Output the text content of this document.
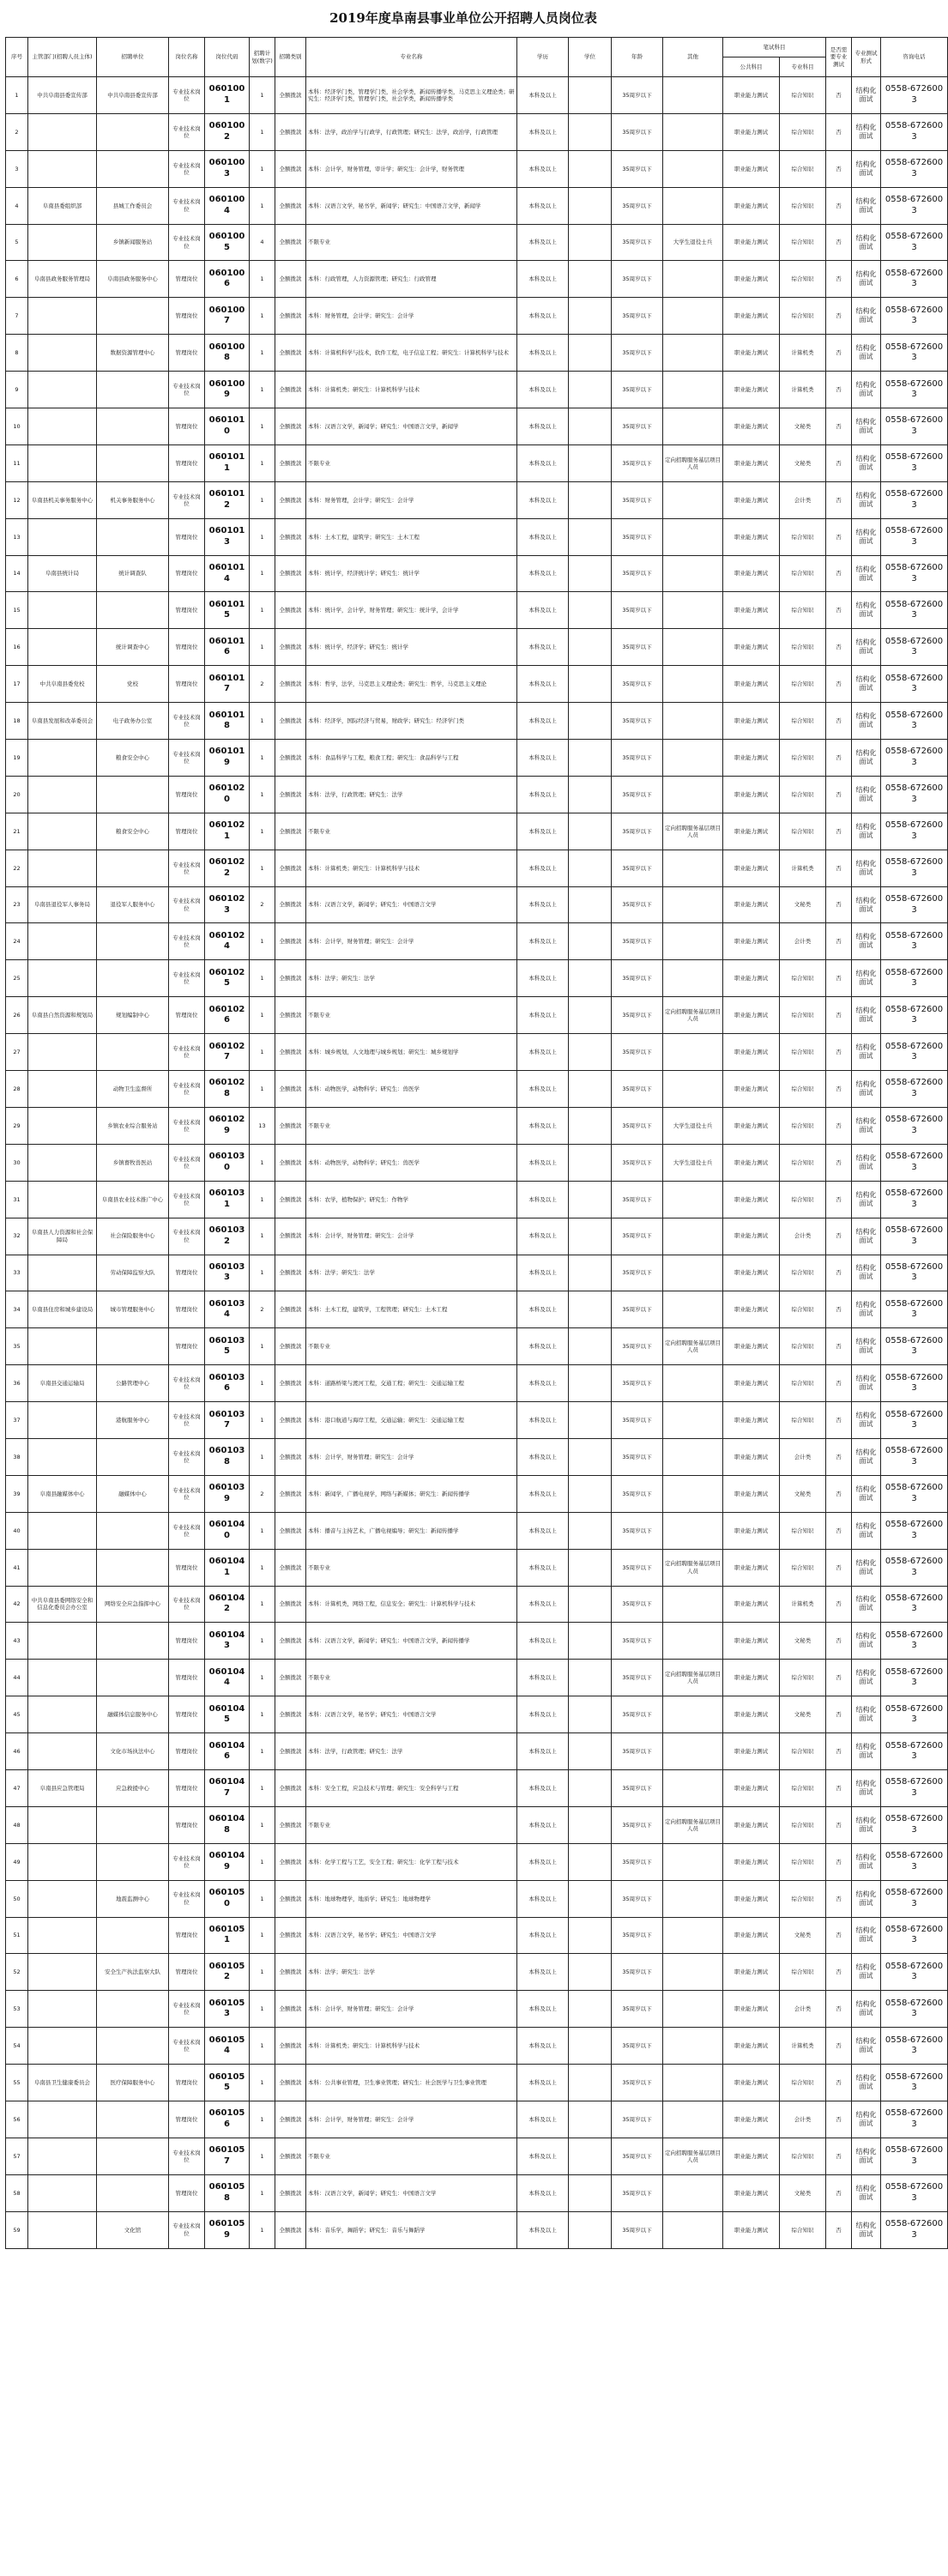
2019年度阜南县事业单位公开招聘人员岗位表
序号	主管部门(招聘人员主体)	招聘单位	岗位名称	岗位代码	招聘计划(数字)	招聘类别	专业名称	学历	学位	年龄	其他	笔试科目		是否需要专业测试	专业测试形式	咨询电话
												公共科目	专业科目			
1	中共阜南县委宣传部	中共阜南县委宣传部	专业技术岗位	0601001	1	全额拨款	本科：经济学门类，管理学门类，社会学类，新闻传播学类，马克思主义理论类；研究生：经济学门类，管理学门类，社会学类，新闻传播学类	本科及以上		35周岁以下		职业能力测试	综合知识	否	结构化面试	0558-6726003
2			专业技术岗位	0601002	1	全额拨款	本科：法学，政治学与行政学，行政管理；研究生：法学，政治学，行政管理	本科及以上		35周岁以下		职业能力测试	综合知识	否	结构化面试	0558-6726003
3			专业技术岗位	0601003	1	全额拨款	本科：会计学，财务管理，审计学；研究生：会计学，财务管理	本科及以上		35周岁以下		职业能力测试	综合知识	否	结构化面试	0558-6726003
4	阜南县委组织部	县城工作委员会	专业技术岗位	0601004	1	全额拨款	本科：汉语言文学，秘书学，新闻学；研究生：中国语言文学，新闻学	本科及以上		35周岁以下		职业能力测试	综合知识	否	结构化面试	0558-6726003
5		乡镇新闻服务站	专业技术岗位	0601005	4	全额拨款	不限专业	本科及以上		35周岁以下	大学生退役士兵	职业能力测试	综合知识	否	结构化面试	0558-6726003
6	阜南县政务服务管理局	阜南县政务服务中心	管理岗位	0601006	1	全额拨款	本科：行政管理，人力资源管理；研究生：行政管理	本科及以上		35周岁以下		职业能力测试	综合知识	否	结构化面试	0558-6726003
7			管理岗位	0601007	1	全额拨款	本科：财务管理，会计学；研究生：会计学	本科及以上		35周岁以下		职业能力测试	综合知识	否	结构化面试	0558-6726003
8		数据资源管理中心	管理岗位	0601008	1	全额拨款	本科：计算机科学与技术，软件工程，电子信息工程；研究生：计算机科学与技术	本科及以上		35周岁以下		职业能力测试	计算机类	否	结构化面试	0558-6726003
9			专业技术岗位	0601009	1	全额拨款	本科：计算机类；研究生：计算机科学与技术	本科及以上		35周岁以下		职业能力测试	计算机类	否	结构化面试	0558-6726003
10			管理岗位	0601010	1	全额拨款	本科：汉语言文学，新闻学；研究生：中国语言文学，新闻学	本科及以上		35周岁以下		职业能力测试	文秘类	否	结构化面试	0558-6726003
11			管理岗位	0601011	1	全额拨款	不限专业	本科及以上		35周岁以下	定向招聘服务基层项目人员	职业能力测试	文秘类	否	结构化面试	0558-6726003
12	阜南县机关事务服务中心	机关事务服务中心	专业技术岗位	0601012	1	全额拨款	本科：财务管理，会计学；研究生：会计学	本科及以上		35周岁以下		职业能力测试	会计类	否	结构化面试	0558-6726003
13			管理岗位	0601013	1	全额拨款	本科：土木工程，建筑学；研究生：土木工程	本科及以上		35周岁以下		职业能力测试	综合知识	否	结构化面试	0558-6726003
14	阜南县统计局	统计调查队	管理岗位	0601014	1	全额拨款	本科：统计学，经济统计学；研究生：统计学	本科及以上		35周岁以下		职业能力测试	综合知识	否	结构化面试	0558-6726003
15			管理岗位	0601015	1	全额拨款	本科：统计学，会计学，财务管理；研究生：统计学，会计学	本科及以上		35周岁以下		职业能力测试	综合知识	否	结构化面试	0558-6726003
16		统计调查中心	管理岗位	0601016	1	全额拨款	本科：统计学，经济学；研究生：统计学	本科及以上		35周岁以下		职业能力测试	综合知识	否	结构化面试	0558-6726003
17	中共阜南县委党校	党校	管理岗位	0601017	2	全额拨款	本科：哲学，法学，马克思主义理论类；研究生：哲学，马克思主义理论	本科及以上		35周岁以下		职业能力测试	综合知识	否	结构化面试	0558-6726003
18	阜南县发展和改革委员会	电子政务办公室	专业技术岗位	0601018	1	全额拨款	本科：经济学，国际经济与贸易，财政学；研究生：经济学门类	本科及以上		35周岁以下		职业能力测试	综合知识	否	结构化面试	0558-6726003
19		粮食安全中心	专业技术岗位	0601019	1	全额拨款	本科：食品科学与工程，粮食工程；研究生：食品科学与工程	本科及以上		35周岁以下		职业能力测试	综合知识	否	结构化面试	0558-6726003
20			管理岗位	0601020	1	全额拨款	本科：法学，行政管理；研究生：法学	本科及以上		35周岁以下		职业能力测试	综合知识	否	结构化面试	0558-6726003
21		粮食安全中心	管理岗位	0601021	1	全额拨款	不限专业	本科及以上		35周岁以下	定向招聘服务基层项目人员	职业能力测试	综合知识	否	结构化面试	0558-6726003
22			专业技术岗位	0601022	1	全额拨款	本科：计算机类；研究生：计算机科学与技术	本科及以上		35周岁以下		职业能力测试	计算机类	否	结构化面试	0558-6726003
23	阜南县退役军人事务局	退役军人服务中心	专业技术岗位	0601023	2	全额拨款	本科：汉语言文学，新闻学；研究生：中国语言文学	本科及以上		35周岁以下		职业能力测试	文秘类	否	结构化面试	0558-6726003
24			专业技术岗位	0601024	1	全额拨款	本科：会计学，财务管理；研究生：会计学	本科及以上		35周岁以下		职业能力测试	会计类	否	结构化面试	0558-6726003
25			专业技术岗位	0601025	1	全额拨款	本科：法学；研究生：法学	本科及以上		35周岁以下		职业能力测试	综合知识	否	结构化面试	0558-6726003
26	阜南县自然资源和规划局	规划编制中心	管理岗位	0601026	1	全额拨款	不限专业	本科及以上		35周岁以下	定向招聘服务基层项目人员	职业能力测试	综合知识	否	结构化面试	0558-6726003
27			专业技术岗位	0601027	1	全额拨款	本科：城乡规划，人文地理与城乡规划；研究生：城乡规划学	本科及以上		35周岁以下		职业能力测试	综合知识	否	结构化面试	0558-6726003
28		动物卫生监督所	专业技术岗位	0601028	1	全额拨款	本科：动物医学，动物科学；研究生：兽医学	本科及以上		35周岁以下		职业能力测试	综合知识	否	结构化面试	0558-6726003
29		乡镇农业综合服务站	专业技术岗位	0601029	13	全额拨款	不限专业	本科及以上		35周岁以下	大学生退役士兵	职业能力测试	综合知识	否	结构化面试	0558-6726003
30		乡镇畜牧兽医站	专业技术岗位	0601030	1	全额拨款	本科：动物医学，动物科学；研究生：兽医学	本科及以上		35周岁以下	大学生退役士兵	职业能力测试	综合知识	否	结构化面试	0558-6726003
31		阜南县农业技术推广中心	专业技术岗位	0601031	1	全额拨款	本科：农学，植物保护；研究生：作物学	本科及以上		35周岁以下		职业能力测试	综合知识	否	结构化面试	0558-6726003
32	阜南县人力资源和社会保障局	社会保险服务中心	专业技术岗位	0601032	1	全额拨款	本科：会计学，财务管理；研究生：会计学	本科及以上		35周岁以下		职业能力测试	会计类	否	结构化面试	0558-6726003
33		劳动保障监察大队	管理岗位	0601033	1	全额拨款	本科：法学；研究生：法学	本科及以上		35周岁以下		职业能力测试	综合知识	否	结构化面试	0558-6726003
34	阜南县住房和城乡建设局	城市管理服务中心	管理岗位	0601034	2	全额拨款	本科：土木工程，建筑学，工程管理；研究生：土木工程	本科及以上		35周岁以下		职业能力测试	综合知识	否	结构化面试	0558-6726003
35			管理岗位	0601035	1	全额拨款	不限专业	本科及以上		35周岁以下	定向招聘服务基层项目人员	职业能力测试	综合知识	否	结构化面试	0558-6726003
36	阜南县交通运输局	公路管理中心	专业技术岗位	0601036	1	全额拨款	本科：道路桥梁与渡河工程，交通工程；研究生：交通运输工程	本科及以上		35周岁以下		职业能力测试	综合知识	否	结构化面试	0558-6726003
37		港航服务中心	专业技术岗位	0601037	1	全额拨款	本科：港口航道与海岸工程，交通运输；研究生：交通运输工程	本科及以上		35周岁以下		职业能力测试	综合知识	否	结构化面试	0558-6726003
38			专业技术岗位	0601038	1	全额拨款	本科：会计学，财务管理；研究生：会计学	本科及以上		35周岁以下		职业能力测试	会计类	否	结构化面试	0558-6726003
39	阜南县融媒体中心	融媒体中心	专业技术岗位	0601039	2	全额拨款	本科：新闻学，广播电视学，网络与新媒体；研究生：新闻传播学	本科及以上		35周岁以下		职业能力测试	文秘类	否	结构化面试	0558-6726003
40			专业技术岗位	0601040	1	全额拨款	本科：播音与主持艺术，广播电视编导；研究生：新闻传播学	本科及以上		35周岁以下		职业能力测试	综合知识	否	结构化面试	0558-6726003
41			管理岗位	0601041	1	全额拨款	不限专业	本科及以上		35周岁以下	定向招聘服务基层项目人员	职业能力测试	综合知识	否	结构化面试	0558-6726003
42	中共阜南县委网络安全和信息化委员会办公室	网络安全应急指挥中心	专业技术岗位	0601042	1	全额拨款	本科：计算机类，网络工程，信息安全；研究生：计算机科学与技术	本科及以上		35周岁以下		职业能力测试	计算机类	否	结构化面试	0558-6726003
43			管理岗位	0601043	1	全额拨款	本科：汉语言文学，新闻学；研究生：中国语言文学，新闻传播学	本科及以上		35周岁以下		职业能力测试	文秘类	否	结构化面试	0558-6726003
44			管理岗位	0601044	1	全额拨款	不限专业	本科及以上		35周岁以下	定向招聘服务基层项目人员	职业能力测试	综合知识	否	结构化面试	0558-6726003
45		融媒体信息服务中心	管理岗位	0601045	1	全额拨款	本科：汉语言文学，秘书学；研究生：中国语言文学	本科及以上		35周岁以下		职业能力测试	文秘类	否	结构化面试	0558-6726003
46		文化市场执法中心	管理岗位	0601046	1	全额拨款	本科：法学，行政管理；研究生：法学	本科及以上		35周岁以下		职业能力测试	综合知识	否	结构化面试	0558-6726003
47	阜南县应急管理局	应急救援中心	管理岗位	0601047	1	全额拨款	本科：安全工程，应急技术与管理；研究生：安全科学与工程	本科及以上		35周岁以下		职业能力测试	综合知识	否	结构化面试	0558-6726003
48			管理岗位	0601048	1	全额拨款	不限专业	本科及以上		35周岁以下	定向招聘服务基层项目人员	职业能力测试	综合知识	否	结构化面试	0558-6726003
49			专业技术岗位	0601049	1	全额拨款	本科：化学工程与工艺，安全工程；研究生：化学工程与技术	本科及以上		35周岁以下		职业能力测试	综合知识	否	结构化面试	0558-6726003
50		地震监测中心	专业技术岗位	0601050	1	全额拨款	本科：地球物理学，地质学；研究生：地球物理学	本科及以上		35周岁以下		职业能力测试	综合知识	否	结构化面试	0558-6726003
51			管理岗位	0601051	1	全额拨款	本科：汉语言文学，秘书学；研究生：中国语言文学	本科及以上		35周岁以下		职业能力测试	文秘类	否	结构化面试	0558-6726003
52		安全生产执法监察大队	管理岗位	0601052	1	全额拨款	本科：法学；研究生：法学	本科及以上		35周岁以下		职业能力测试	综合知识	否	结构化面试	0558-6726003
53			专业技术岗位	0601053	1	全额拨款	本科：会计学，财务管理；研究生：会计学	本科及以上		35周岁以下		职业能力测试	会计类	否	结构化面试	0558-6726003
54			专业技术岗位	0601054	1	全额拨款	本科：计算机类；研究生：计算机科学与技术	本科及以上		35周岁以下		职业能力测试	计算机类	否	结构化面试	0558-6726003
55	阜南县卫生健康委员会	医疗保障服务中心	管理岗位	0601055	1	全额拨款	本科：公共事业管理，卫生事业管理；研究生：社会医学与卫生事业管理	本科及以上		35周岁以下		职业能力测试	综合知识	否	结构化面试	0558-6726003
56			管理岗位	0601056	1	全额拨款	本科：会计学，财务管理；研究生：会计学	本科及以上		35周岁以下		职业能力测试	会计类	否	结构化面试	0558-6726003
57			专业技术岗位	0601057	1	全额拨款	不限专业	本科及以上		35周岁以下	定向招聘服务基层项目人员	职业能力测试	综合知识	否	结构化面试	0558-6726003
58			管理岗位	0601058	1	全额拨款	本科：汉语言文学，新闻学；研究生：中国语言文学	本科及以上		35周岁以下		职业能力测试	文秘类	否	结构化面试	0558-6726003
59		文化馆	专业技术岗位	0601059	1	全额拨款	本科：音乐学，舞蹈学；研究生：音乐与舞蹈学	本科及以上		35周岁以下		职业能力测试	综合知识	否	结构化面试	0558-6726003
